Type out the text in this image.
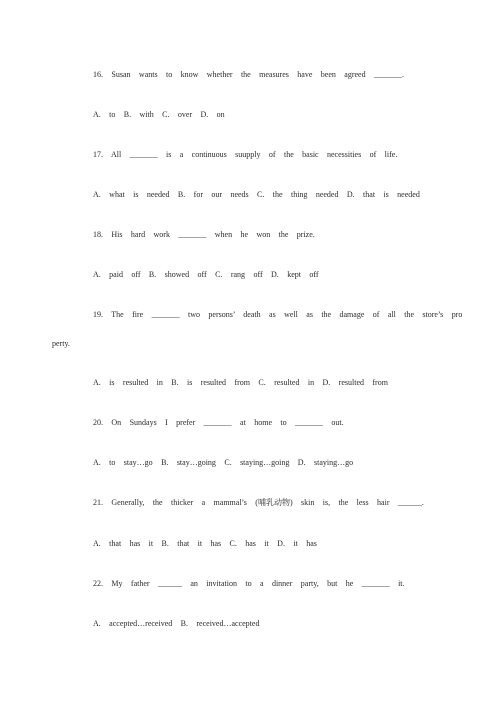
16.  Susan  wants  to  know  whether  the  measures  have  been  agreed  _______.
A.  to  B.  with  C.  over  D.  on
17.  All  _______  is  a  continuous  suupply  of  the  basic  necessities  of  life.
A.  what  is  needed  B.  for  our  needs  C.  the  thing  needed  D.  that  is  needed
18.  His  hard  work  _______  when  he  won  the  prize.
A.  paid  off  B.  showed  off  C.  rang  off  D.  kept  off
19.  The  fire  _______  two  persons’  death  as  well  as  the  damage  of  all  the  store’s  pro
perty.
A.  is  resulted  in  B.  is  resulted  from  C.  resulted  in  D.  resulted  from
20.  On  Sundays  I  prefer  _______  at  home  to  _______  out.
A.  to  stay…go  B.  stay…going  C.  staying…going  D.  staying…go
21.  Generally,  the  thicker  a  mammal’s  (哺乳动物)  skin  is,  the  less  hair  ______.
A.  that  has  it  B.  that  it  has  C.  has  it  D.  it  has
22.  My  father  ______  an  invitation  to  a  dinner  party,  but  he  _______  it.
A.  accepted…received  B.  received…accepted
